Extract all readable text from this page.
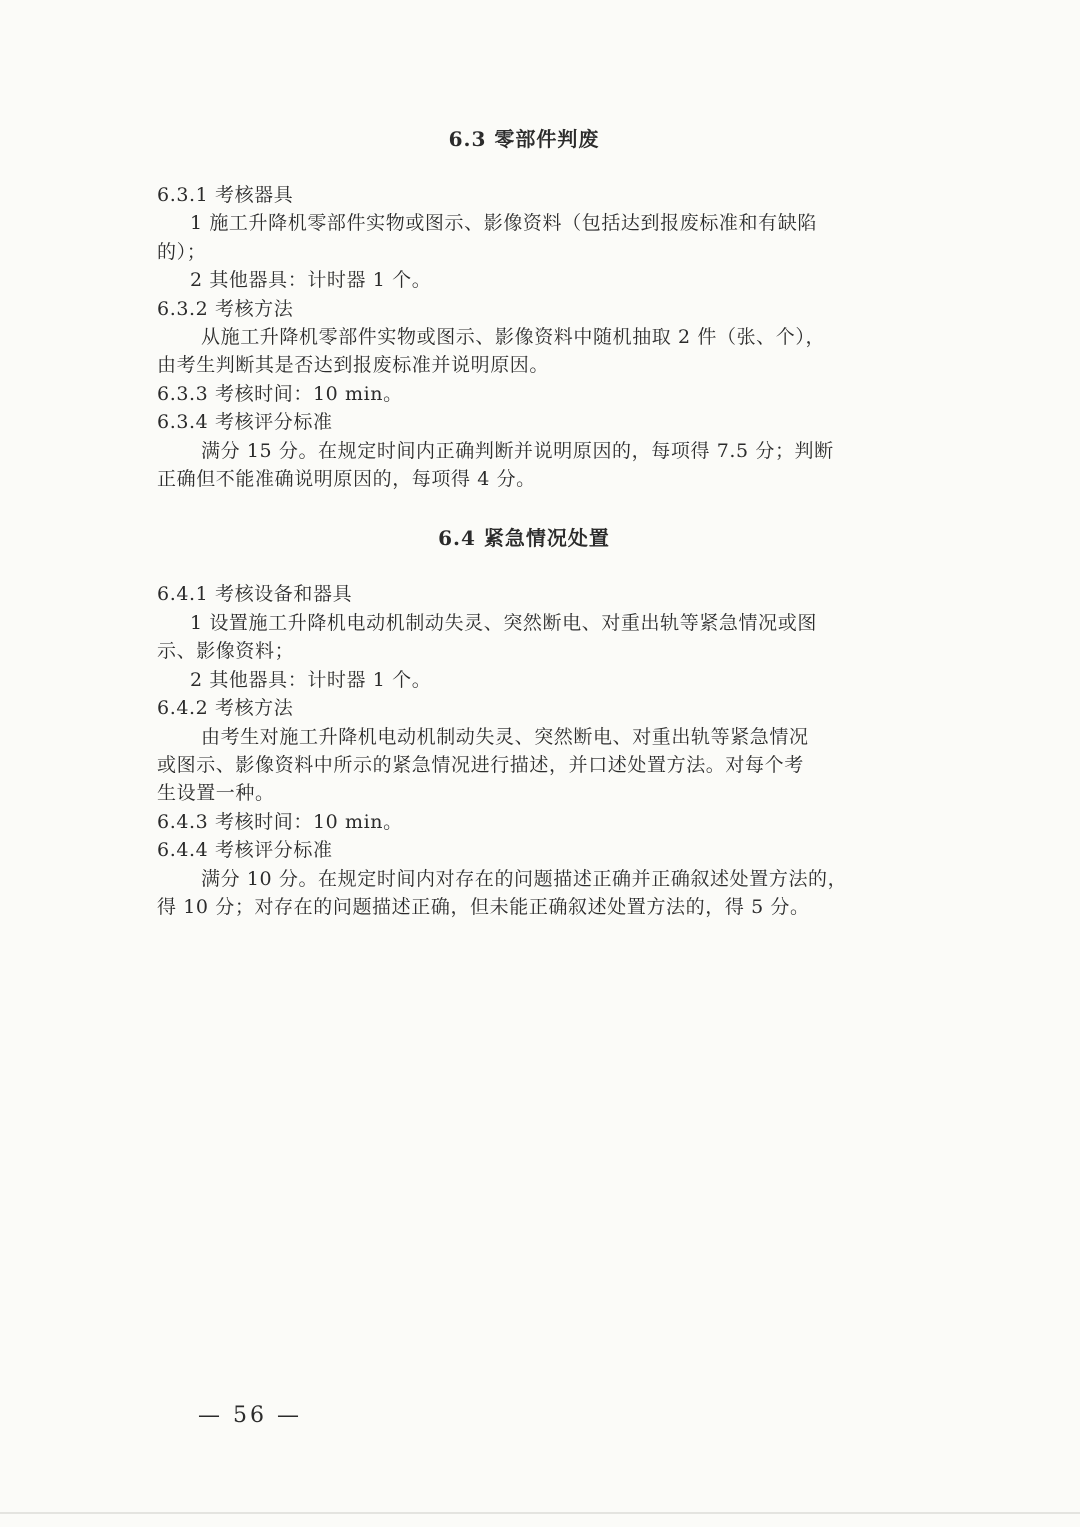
6.3 零部件判废

6.3.1 考核器具

1 施工升降机零部件实物或图示、影像资料（包括达到报废标准和有缺陷

的）；

2 其他器具：计时器 1 个。

6.3.2 考核方法

从施工升降机零部件实物或图示、影像资料中随机抽取 2 件（张、个），

由考生判断其是否达到报废标准并说明原因。

6.3.3 考核时间：10 min。

6.3.4 考核评分标准

满分 15 分。在规定时间内正确判断并说明原因的，每项得 7.5 分；判断

正确但不能准确说明原因的，每项得 4 分。

6.4 紧急情况处置

6.4.1 考核设备和器具

1 设置施工升降机电动机制动失灵、突然断电、对重出轨等紧急情况或图

示、影像资料；

2 其他器具：计时器 1 个。

6.4.2 考核方法

由考生对施工升降机电动机制动失灵、突然断电、对重出轨等紧急情况

或图示、影像资料中所示的紧急情况进行描述，并口述处置方法。对每个考

生设置一种。

6.4.3 考核时间：10 min。

6.4.4 考核评分标准

满分 10 分。在规定时间内对存在的问题描述正确并正确叙述处置方法的，

得 10 分；对存在的问题描述正确，但未能正确叙述处置方法的，得 5 分。

— 56 —
